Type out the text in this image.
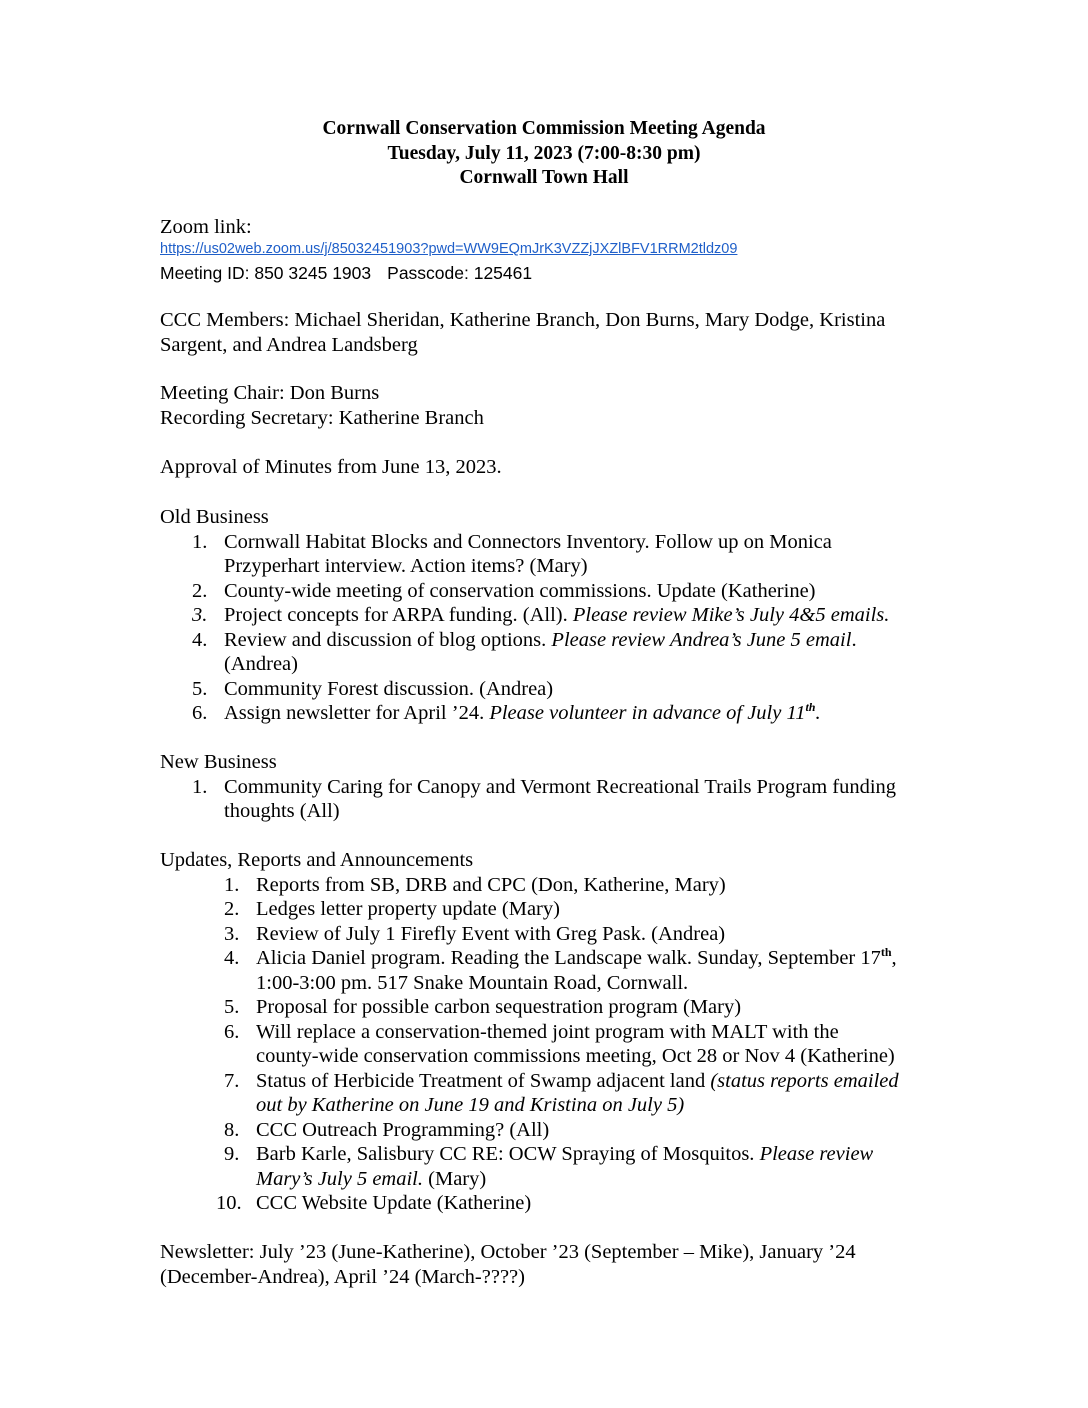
Cornwall Conservation Commission Meeting Agenda
Tuesday, July 11, 2023 (7:00-8:30 pm)
Cornwall Town Hall
Zoom link:
https://us02web.zoom.us/j/85032451903?pwd=WW9EQmJrK3VZZjJXZlBFV1RRM2tldz09
Meeting ID: 850 3245 1903 Passcode: 125461
CCC Members: Michael Sheridan, Katherine Branch, Don Burns, Mary Dodge, Kristina
Sargent, and Andrea Landsberg
Meeting Chair: Don Burns
Recording Secretary: Katherine Branch
Approval of Minutes from June 13, 2023.
Old Business
1. Cornwall Habitat Blocks and Connectors Inventory. Follow up on Monica
Przyperhart interview. Action items? (Mary)
2. County-wide meeting of conservation commissions. Update (Katherine)
3. Project concepts for ARPA funding. (All). Please review Mike’s July 4&5 emails.
4. Review and discussion of blog options. Please review Andrea’s June 5 email.
(Andrea)
5. Community Forest discussion. (Andrea)
6. Assign newsletter for April ’24. Please volunteer in advance of July 11th.
New Business
1. Community Caring for Canopy and Vermont Recreational Trails Program funding
thoughts (All)
Updates, Reports and Announcements
1. Reports from SB, DRB and CPC (Don, Katherine, Mary)
2. Ledges letter property update (Mary)
3. Review of July 1 Firefly Event with Greg Pask. (Andrea)
4. Alicia Daniel program. Reading the Landscape walk. Sunday, September 17th,
1:00-3:00 pm. 517 Snake Mountain Road, Cornwall.
5. Proposal for possible carbon sequestration program (Mary)
6. Will replace a conservation-themed joint program with MALT with the
county-wide conservation commissions meeting, Oct 28 or Nov 4 (Katherine)
7. Status of Herbicide Treatment of Swamp adjacent land (status reports emailed
out by Katherine on June 19 and Kristina on July 5)
8. CCC Outreach Programming? (All)
9. Barb Karle, Salisbury CC RE: OCW Spraying of Mosquitos. Please review
Mary’s July 5 email. (Mary)
10. CCC Website Update (Katherine)
Newsletter: July ’23 (June-Katherine), October ’23 (September – Mike), January ’24
(December-Andrea), April ’24 (March-????)
